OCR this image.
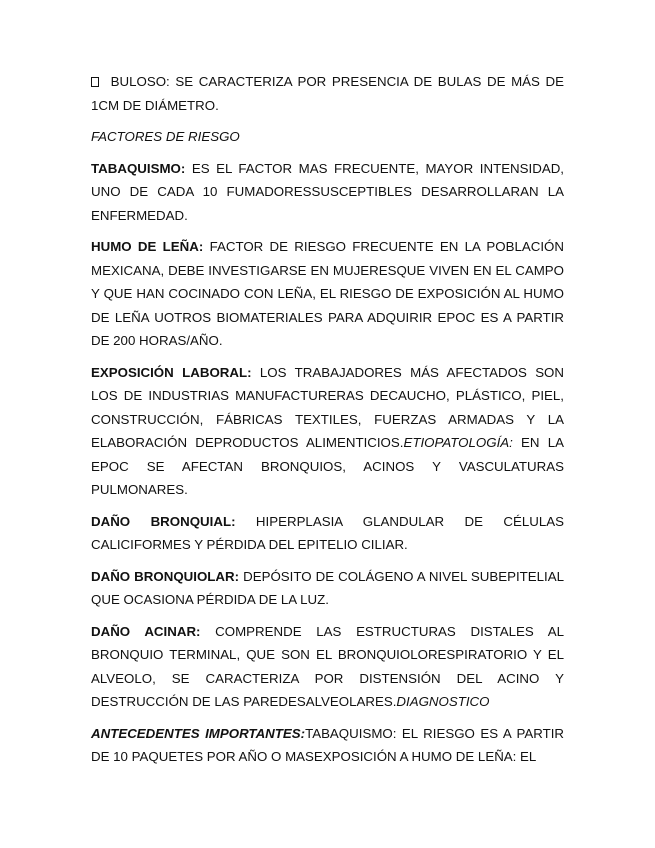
BULOSO: SE CARACTERIZA POR PRESENCIA DE BULAS DE MÁS DE 1CM DE DIÁMETRO.

FACTORES DE RIESGO

TABAQUISMO: ES EL FACTOR MAS FRECUENTE, MAYOR INTENSIDAD, UNO DE CADA 10 FUMADORESSUSCEPTIBLES DESARROLLARAN LA ENFERMEDAD.

HUMO DE LEÑA: FACTOR DE RIESGO FRECUENTE EN LA POBLACIÓN MEXICANA, DEBE INVESTIGARSE EN MUJERESQUE VIVEN EN EL CAMPO Y QUE HAN COCINADO CON LEÑA, EL RIESGO DE EXPOSICIÓN AL HUMO DE LEÑA UOTROS BIOMATERIALES PARA ADQUIRIR EPOC ES A PARTIR DE 200 HORAS/AÑO.

EXPOSICIÓN LABORAL: LOS TRABAJADORES MÁS AFECTADOS SON LOS DE INDUSTRIAS MANUFACTURERAS DECAUCHO, PLÁSTICO, PIEL, CONSTRUCCIÓN, FÁBRICAS TEXTILES, FUERZAS ARMADAS Y LA ELABORACIÓN DEPRODUCTOS ALIMENTICIOS.ETIOPATOLOGÍA: EN LA EPOC SE AFECTAN BRONQUIOS, ACINOS Y VASCULATURAS PULMONARES.

DAÑO BRONQUIAL: HIPERPLASIA GLANDULAR DE CÉLULAS CALICIFORMES Y PÉRDIDA DEL EPITELIO CILIAR.

DAÑO BRONQUIOLAR: DEPÓSITO DE COLÁGENO A NIVEL SUBEPITELIAL QUE OCASIONA PÉRDIDA DE LA LUZ.

DAÑO ACINAR: COMPRENDE LAS ESTRUCTURAS DISTALES AL BRONQUIO TERMINAL, QUE SON EL BRONQUIOLORESPIRATORIO Y EL ALVEOLO, SE CARACTERIZA POR DISTENSIÓN DEL ACINO Y DESTRUCCIÓN DE LAS PAREDESALVEOLARES.DIAGNOSTICO

ANTECEDENTES IMPORTANTES:TABAQUISMO: EL RIESGO ES A PARTIR DE 10 PAQUETES POR AÑO O MASEXPOSICIÓN A HUMO DE LEÑA: EL
